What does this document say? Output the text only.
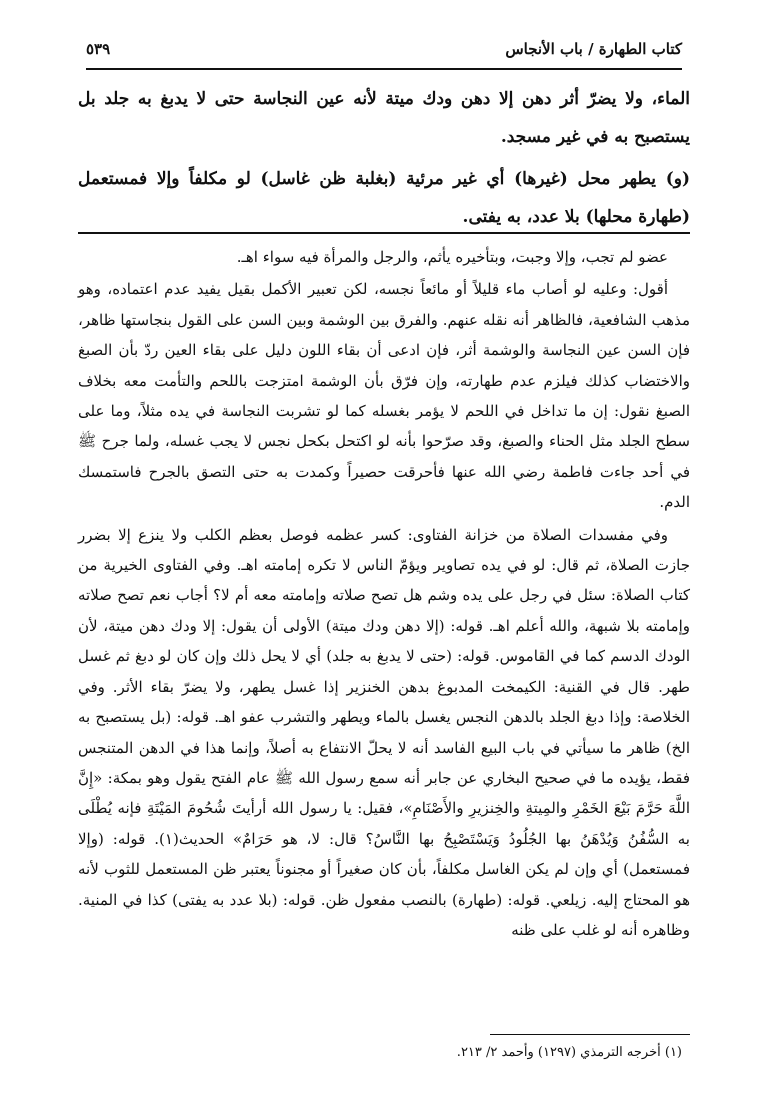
كتاب الطهارة / باب الأنجاس
٥٣٩

الماء، ولا يضرّ أثر دهن إلا دهن ودك ميتة لأنه عين النجاسة حتى لا يدبغ به جلد بل يستصبح به في غير مسجد.

(و) يطهر محل (غيرها) أي غير مرئية (بغلبة ظن غاسل) لو مكلفاً وإلا فمستعمل (طهارة محلها) بلا عدد، به يفتى.

عضو لم تجب، وإلا وجبت، وبتأخيره يأثم، والرجل والمرأة فيه سواء اهـ.

أقول: وعليه لو أصاب ماء قليلاً أو مائعاً نجسه، لكن تعبير الأكمل بقيل يفيد عدم اعتماده، وهو مذهب الشافعية، فالظاهر أنه نقله عنهم. والفرق بين الوشمة وبين السن على القول بنجاستها ظاهر، فإن السن عين النجاسة والوشمة أثر، فإن ادعى أن بقاء اللون دليل على بقاء العين ردّ بأن الصبغ والاختضاب كذلك فيلزم عدم طهارته، وإن فرّق بأن الوشمة امتزجت باللحم والتأمت معه بخلاف الصبغ نقول: إن ما تداخل في اللحم لا يؤمر بغسله كما لو تشربت النجاسة في يده مثلاً، وما على سطح الجلد مثل الحناء والصبغ، وقد صرّحوا بأنه لو اكتحل بكحل نجس لا يجب غسله، ولما جرح ﷺ في أحد جاءت فاطمة رضي الله عنها فأحرقت حصيراً وكمدت به حتى التصق بالجرح فاستمسك الدم.

وفي مفسدات الصلاة من خزانة الفتاوى: كسر عظمه فوصل بعظم الكلب ولا ينزع إلا بضرر جازت الصلاة، ثم قال: لو في يده تصاوير ويؤمّ الناس لا تكره إمامته اهـ. وفي الفتاوى الخيرية من كتاب الصلاة: سئل في رجل على يده وشم هل تصح صلاته وإمامته معه أم لا؟ أجاب نعم تصح صلاته وإمامته بلا شبهة، والله أعلم اهـ. قوله: (إلا دهن ودك ميتة) الأولى أن يقول: إلا ودك دهن ميتة، لأن الودك الدسم كما في القاموس. قوله: (حتى لا يدبغ به جلد) أي لا يحل ذلك وإن كان لو دبغ ثم غسل طهر. قال في القنية: الكيمخت المدبوغ بدهن الخنزير إذا غسل يطهر، ولا يضرّ بقاء الأثر. وفي الخلاصة: وإذا دبغ الجلد بالدهن النجس يغسل بالماء ويطهر والتشرب عفو اهـ. قوله: (بل يستصبح به الخ) ظاهر ما سيأتي في باب البيع الفاسد أنه لا يحلّ الانتفاع به أصلاً، وإنما هذا في الدهن المتنجس فقط، يؤيده ما في صحيح البخاري عن جابر أنه سمع رسول الله ﷺ عام الفتح يقول وهو بمكة: «إِنَّ اللَّهَ حَرَّمَ بَيْعَ الخَمْرِ والمِيتةِ والخِنزيرِ والأَصْنَامِ»، فقيل: يا رسول الله أرأيتَ شُحُومَ المَيْتَةِ فإنه يُطْلَى به السُّفُنُ وَيُدْهَنُ بها الجُلُودُ وَيَسْتَصْبِحُ بها النَّاسُ؟ قال: لا، هو حَرَامٌ» الحديث(١). قوله: (وإلا فمستعمل) أي وإن لم يكن الغاسل مكلفاً، بأن كان صغيراً أو مجنوناً يعتبر ظن المستعمل للثوب لأنه هو المحتاج إليه. زيلعي. قوله: (طهارة) بالنصب مفعول ظن. قوله: (بلا عدد به يفتى) كذا في المنية. وظاهره أنه لو غلب على ظنه

(١) أخرجه الترمذي (١٢٩٧) وأحمد ٢/ ٢١٣.
